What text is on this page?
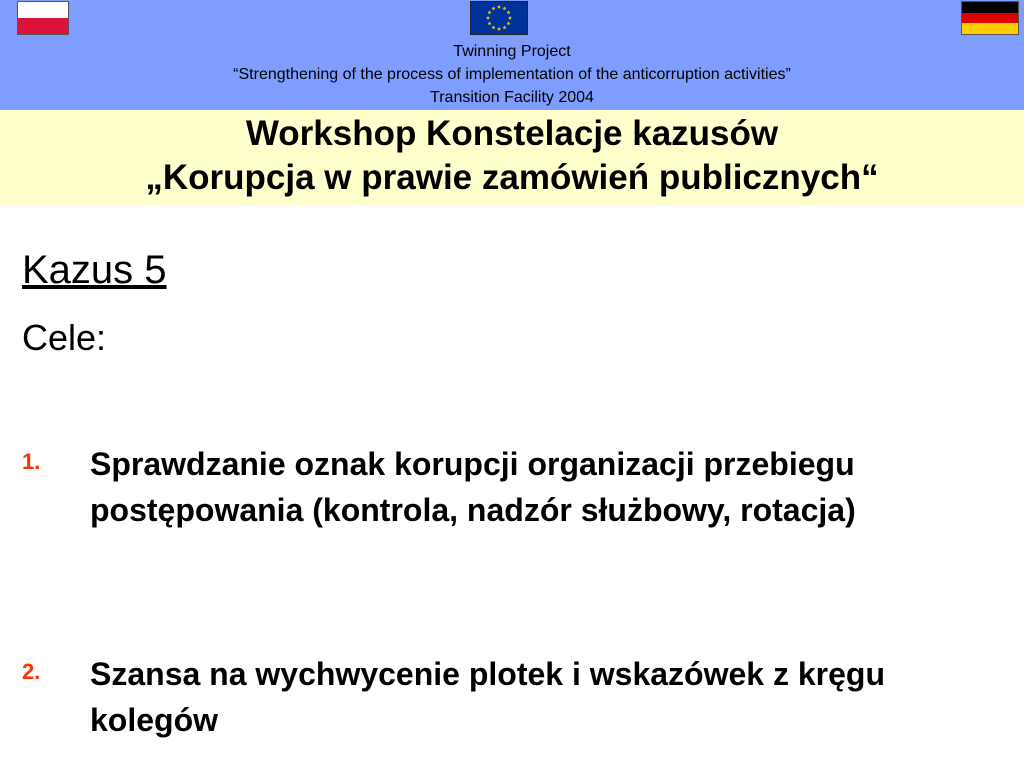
Twinning Project
“Strengthening of the process of implementation of the anticorruption activities”
Transition Facility 2004
Workshop Konstelacje kazusów
„Korupcja w prawie zamówień publicznych“
Kazus 5
Cele:
1. Sprawdzanie oznak korupcji organizacji przebiegu postępowania (kontrola, nadzór służbowy, rotacja)
2. Szansa na wychwycenie plotek i wskazówek z kręgu kolegów
